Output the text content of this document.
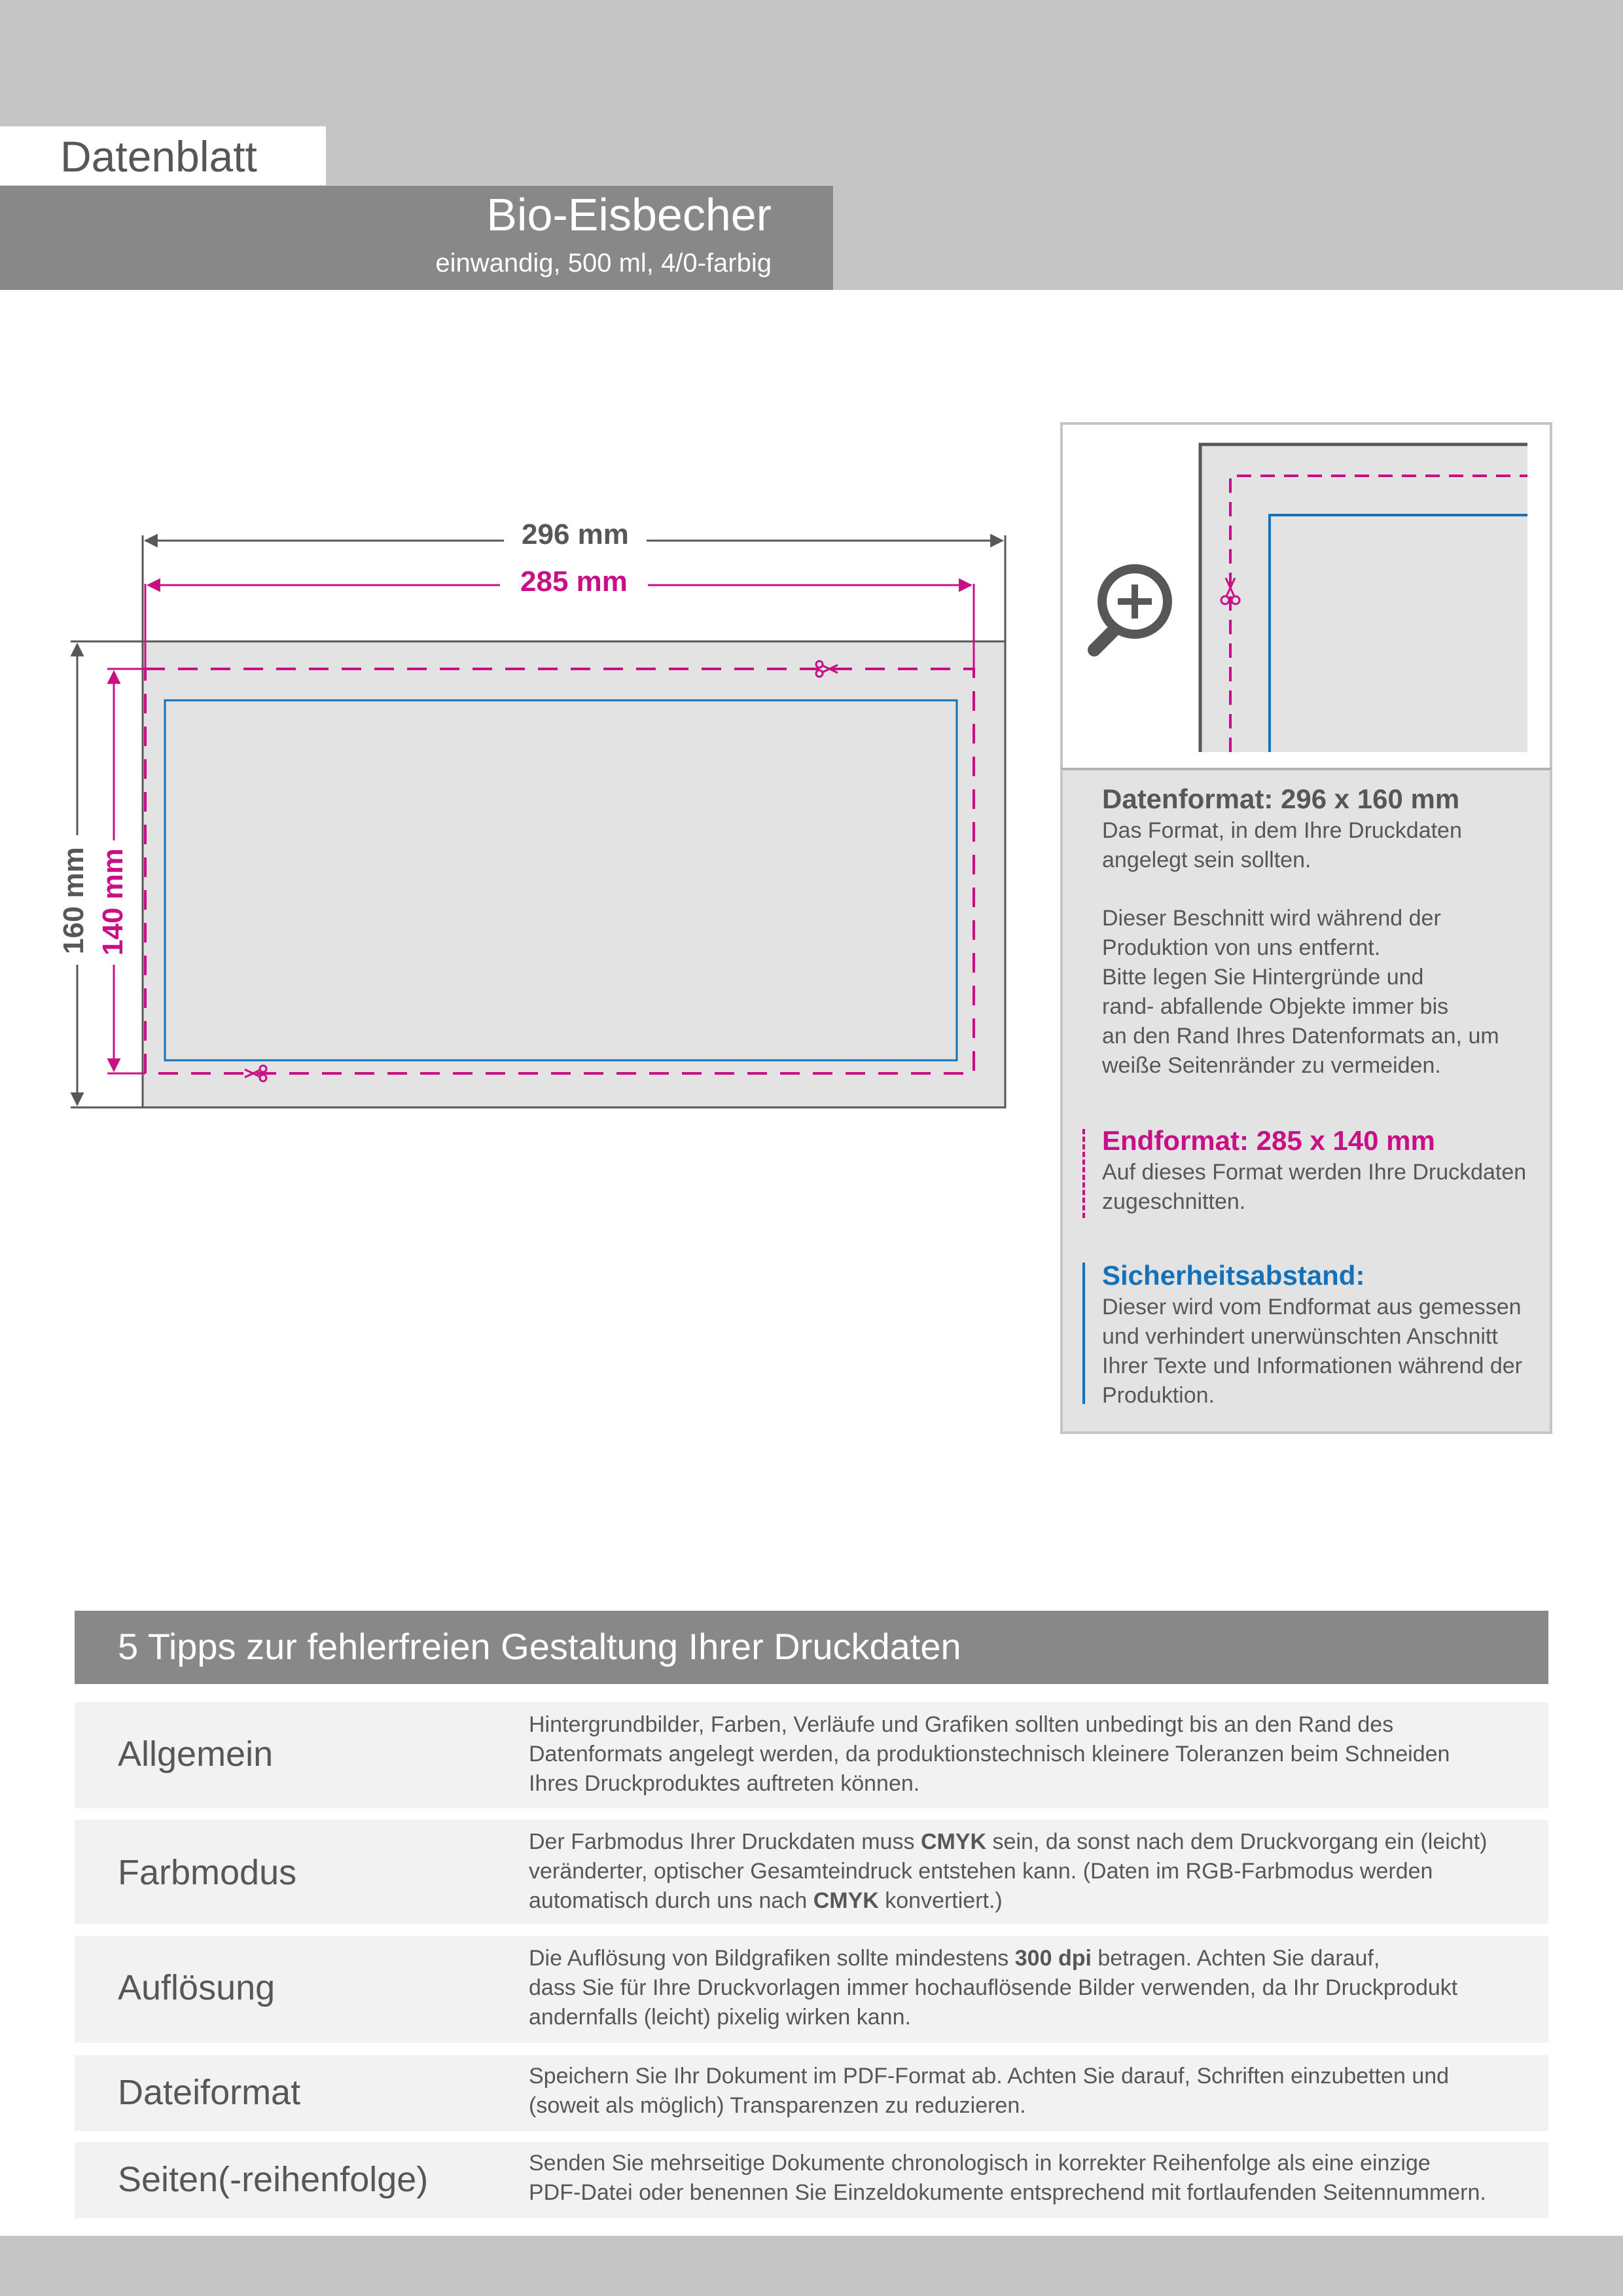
Datenblatt
Bio-Eisbecher
einwandig, 500 ml, 4/0-farbig
296 mm
285 mm
160 mm 140 mm
Datenformat: 296 x 160 mm

Das Format, in dem Ihre Druckdaten

angelegt sein sollten.

Dieser Beschnitt wird während der

Produktion von uns entfernt.

Bitte legen Sie Hintergründe und

rand- abfallende Objekte immer bis

an den Rand Ihres Datenformats an, um

weiße Seitenränder zu vermeiden.

Endformat: 285 x 140 mm

Auf dieses Format werden Ihre Druckdaten

zugeschnitten.

Sicherheitsabstand:

Dieser wird vom Endformat aus gemessen

und verhindert unerwünschten Anschnitt

Ihrer Texte und Informationen während der

Produktion.

5 Tipps zur fehlerfreien Gestaltung Ihrer Druckdaten
Allgemein
Hintergrundbilder, Farben, Verläufe und Grafiken sollten unbedingt bis an den Rand des
Datenformats angelegt werden, da produktionstechnisch kleinere Toleranzen beim Schneiden
Ihres Druckproduktes auftreten können.
Farbmodus
Der Farbmodus Ihrer Druckdaten muss CMYK sein, da sonst nach dem Druckvorgang ein (leicht)
veränderter, optischer Gesamteindruck entstehen kann. (Daten im RGB-Farbmodus werden
automatisch durch uns nach CMYK konvertiert.)
Auflösung
Die Auflösung von Bildgrafiken sollte mindestens 300 dpi betragen. Achten Sie darauf,
dass Sie für Ihre Druckvorlagen immer hochauflösende Bilder verwenden, da Ihr Druckprodukt
andernfalls (leicht) pixelig wirken kann.
Dateiformat	Speichern Sie Ihr Dokument im PDF-Format ab. Achten Sie darauf, Schriften einzubetten und
(soweit als möglich) Transparenzen zu reduzieren.
Seiten(-reihenfolge)	Senden Sie mehrseitige Dokumente chronologisch in korrekter Reihenfolge als eine einzige
PDF-Datei oder benennen Sie Einzeldokumente entsprechend mit fortlaufenden Seitennummern.
